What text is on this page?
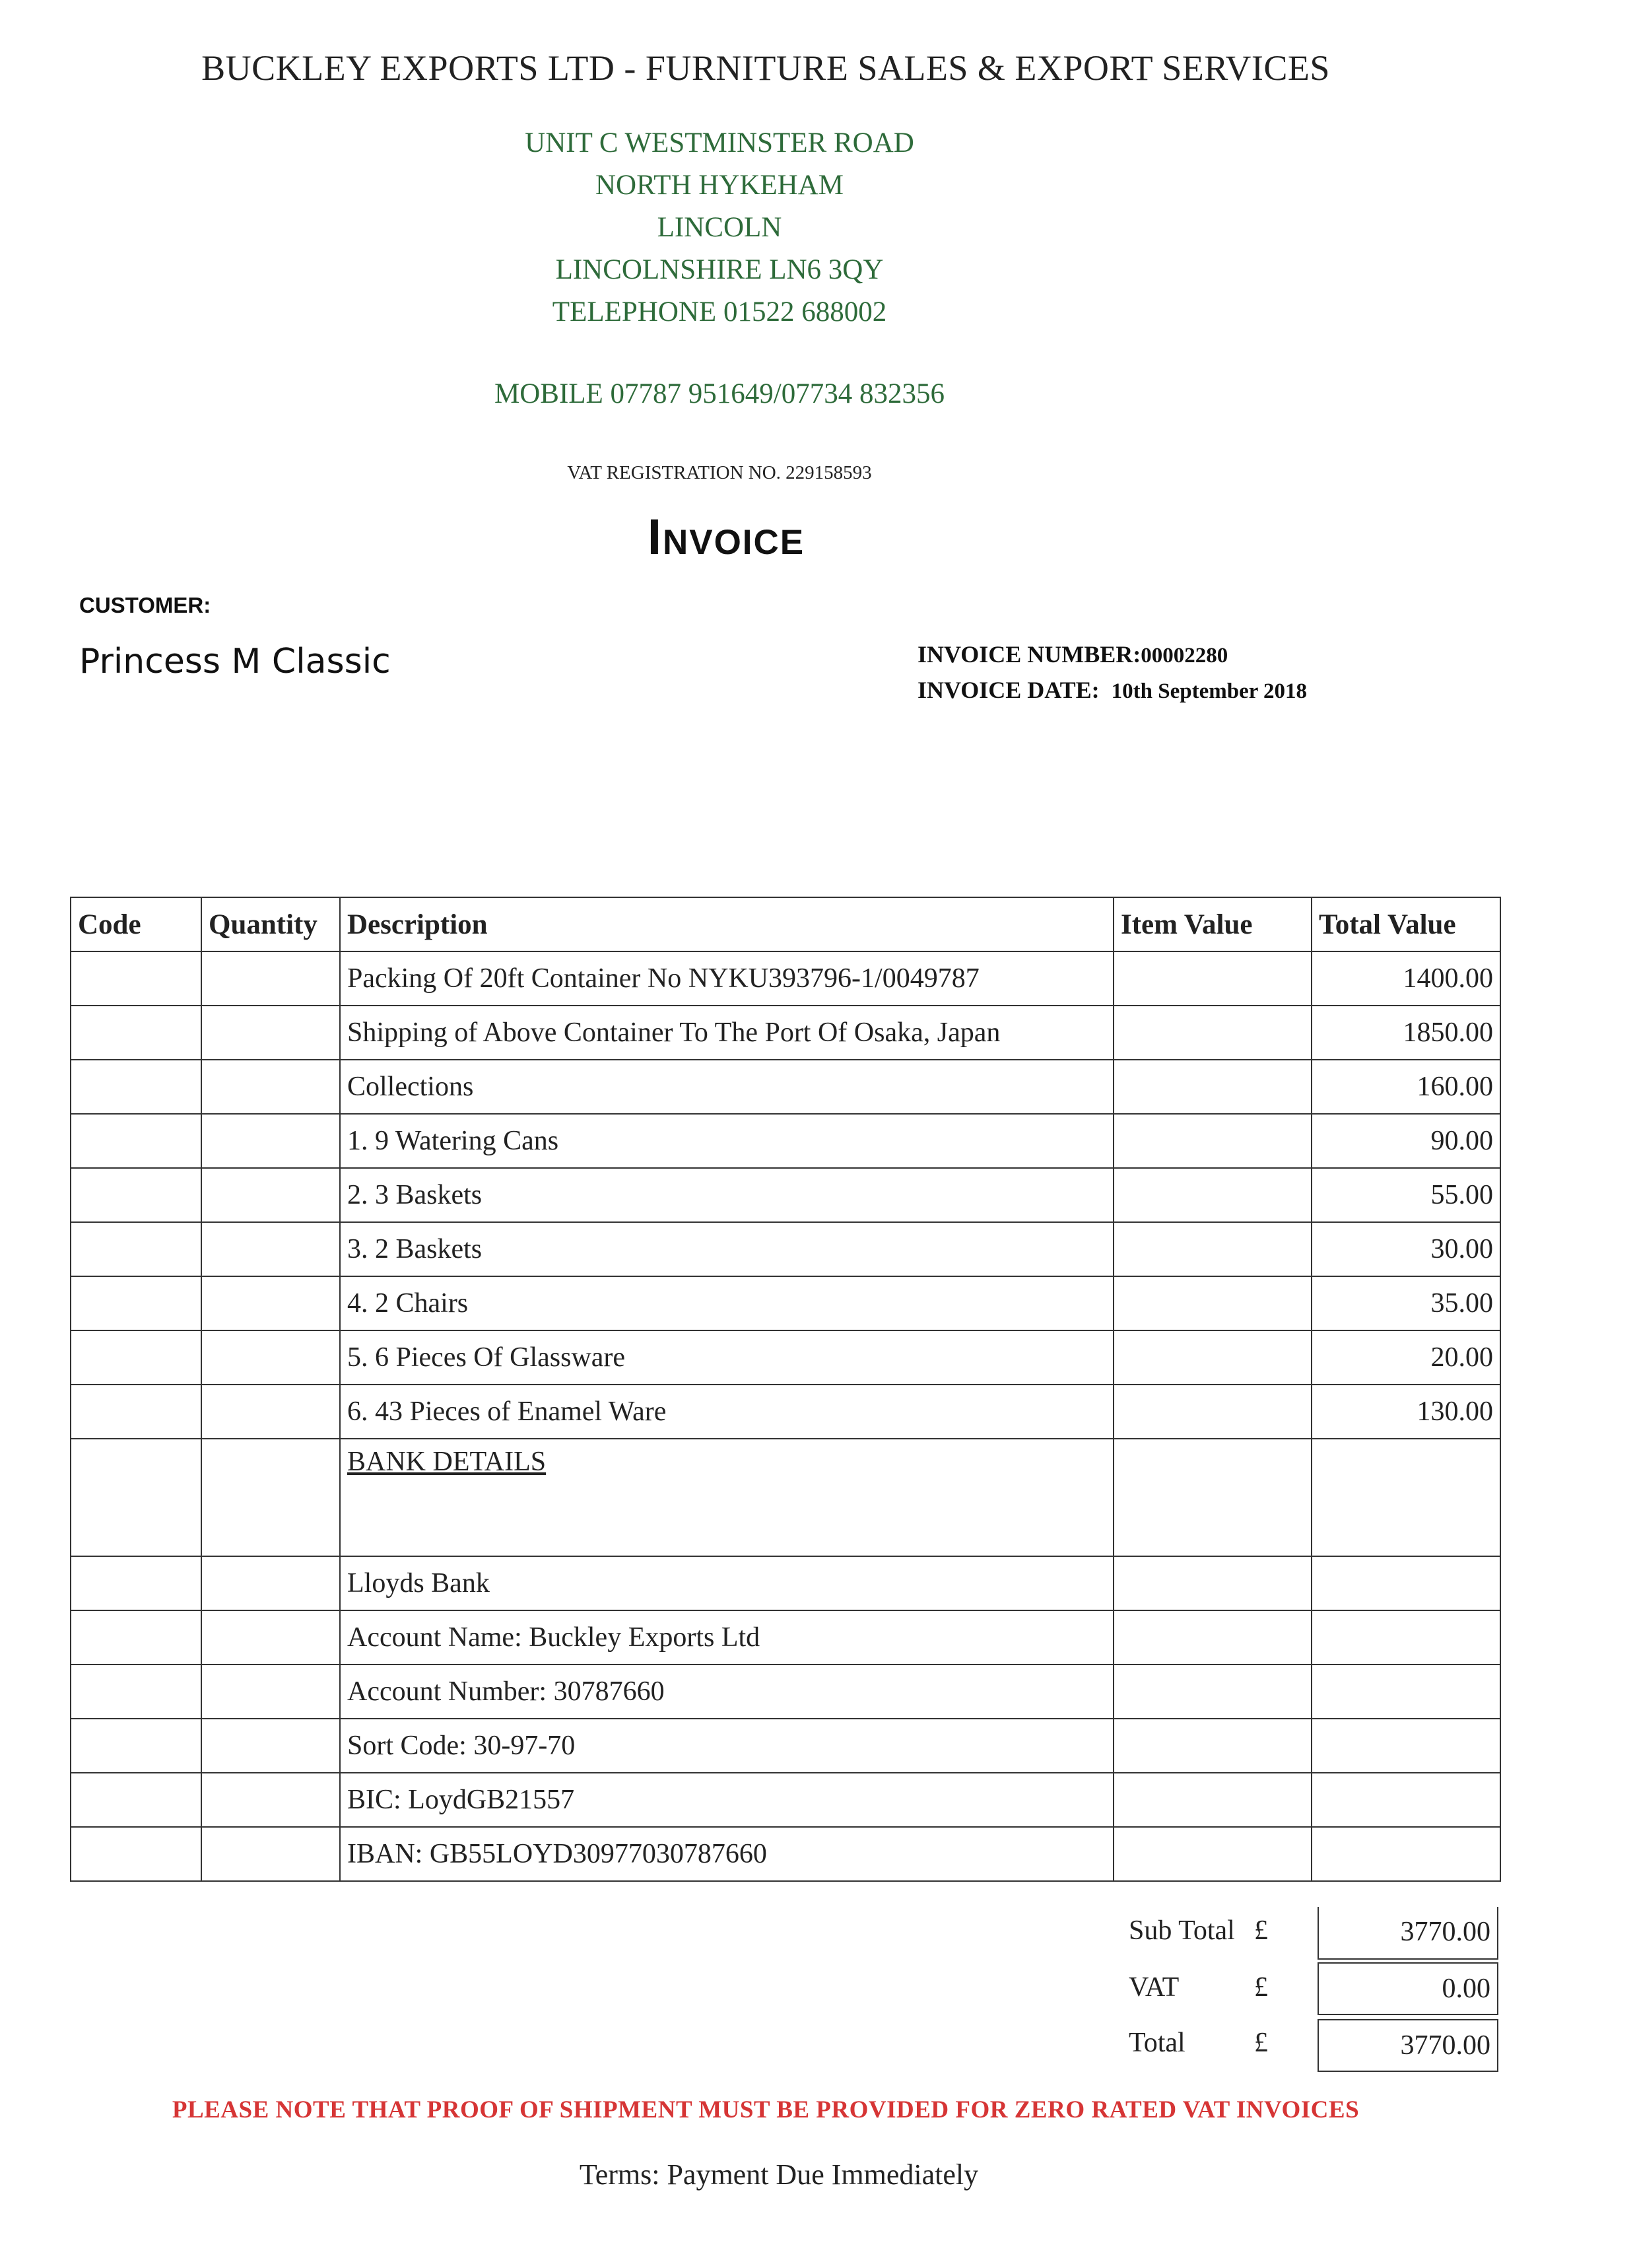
BUCKLEY EXPORTS LTD - FURNITURE SALES & EXPORT SERVICES
UNIT C WESTMINSTER ROAD
NORTH HYKEHAM
LINCOLN
LINCOLNSHIRE LN6 3QY
TELEPHONE 01522 688002
MOBILE 07787 951649/07734 832356
VAT REGISTRATION NO. 229158593
Invoice
CUSTOMER:
Princess M Classic	INVOICE NUMBER:00002280
INVOICE DATE: 10th September 2018
Code	Quantity	Description	Item Value	Total Value
		Packing Of 20ft Container No NYKU393796-1/0049787		1400.00
		Shipping of Above Container To The Port Of Osaka, Japan		1850.00
		Collections		160.00
		1. 9 Watering Cans		90.00
		2. 3 Baskets		55.00
		3. 2 Baskets		30.00
		4. 2 Chairs		35.00
		5. 6 Pieces Of Glassware		20.00
		6. 43 Pieces of Enamel Ware		130.00
		BANK DETAILS		
		Lloyds Bank		
		Account Name: Buckley Exports Ltd		
		Account Number: 30787660		
		Sort Code: 30-97-70		
		BIC: LoydGB21557		
		IBAN: GB55LOYD30977030787660		
Sub Total £	3770.00
VAT	£	0.00
Total £	3770.00
PLEASE NOTE THAT PROOF OF SHIPMENT MUST BE PROVIDED FOR ZERO RATED VAT INVOICES
Terms: Payment Due Immediately
